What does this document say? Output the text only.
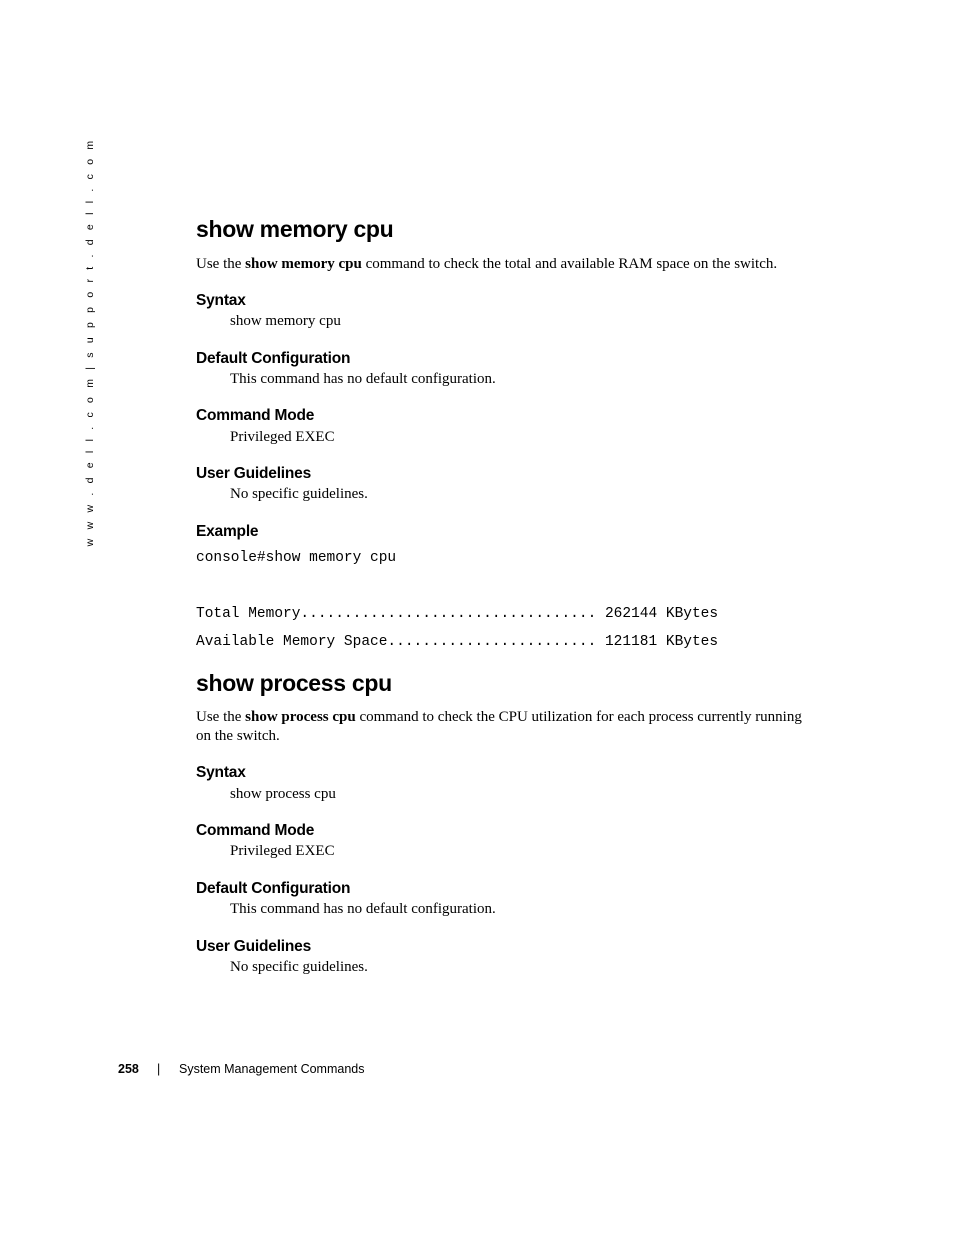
w w w . d e l l . c o m | s u p p o r t . d e l l . c o m	show memory cpu
Use the show memory cpu command to check the total and available RAM space on the switch.
Syntax
show memory cpu
Default Configuration
This command has no default configuration.
Command Mode
Privileged EXEC
User Guidelines
No specific guidelines.
Example
console#show memory cpu
Total Memory.................................. 262144 KBytes
Available Memory Space........................ 121181 KBytes
show process cpu
Use the show process cpu command to check the CPU utilization for each process currently running on the switch.
Syntax
show process cpu
Command Mode
Privileged EXEC
Default Configuration
This command has no default configuration.
User Guidelines
No specific guidelines.
258 | System Management Commands
